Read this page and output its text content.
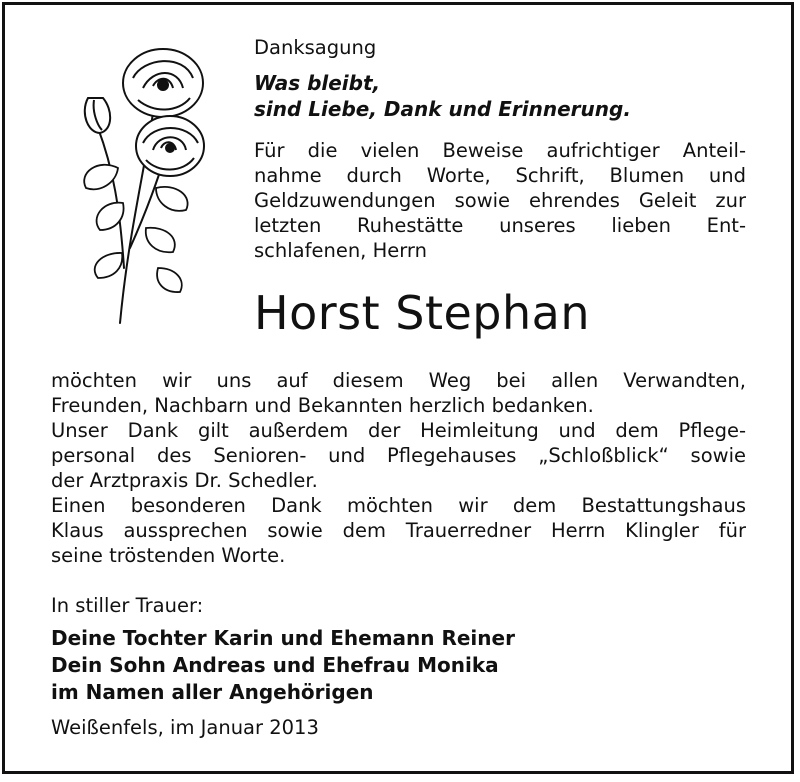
Danksagung

Was bleibt,
sind Liebe, Dank und Erinnerung.

Für die vielen Beweise aufrichtiger Anteil-
nahme durch Worte, Schrift, Blumen und
Geldzuwendungen sowie ehrendes Geleit zur
letzten Ruhestätte unseres lieben Ent-
schlafenen, Herrn

Horst Stephan

möchten wir uns auf diesem Weg bei allen Verwandten,
Freunden, Nachbarn und Bekannten herzlich bedanken.
Unser Dank gilt außerdem der Heimleitung und dem Pflege-
personal des Senioren- und Pflegehauses „Schloßblick“ sowie
der Arztpraxis Dr. Schedler.
Einen besonderen Dank möchten wir dem Bestattungshaus
Klaus aussprechen sowie dem Trauerredner Herrn Klingler für
seine tröstenden Worte.

In stiller Trauer:

Deine Tochter Karin und Ehemann Reiner
Dein Sohn Andreas und Ehefrau Monika
im Namen aller Angehörigen

Weißenfels, im Januar 2013
